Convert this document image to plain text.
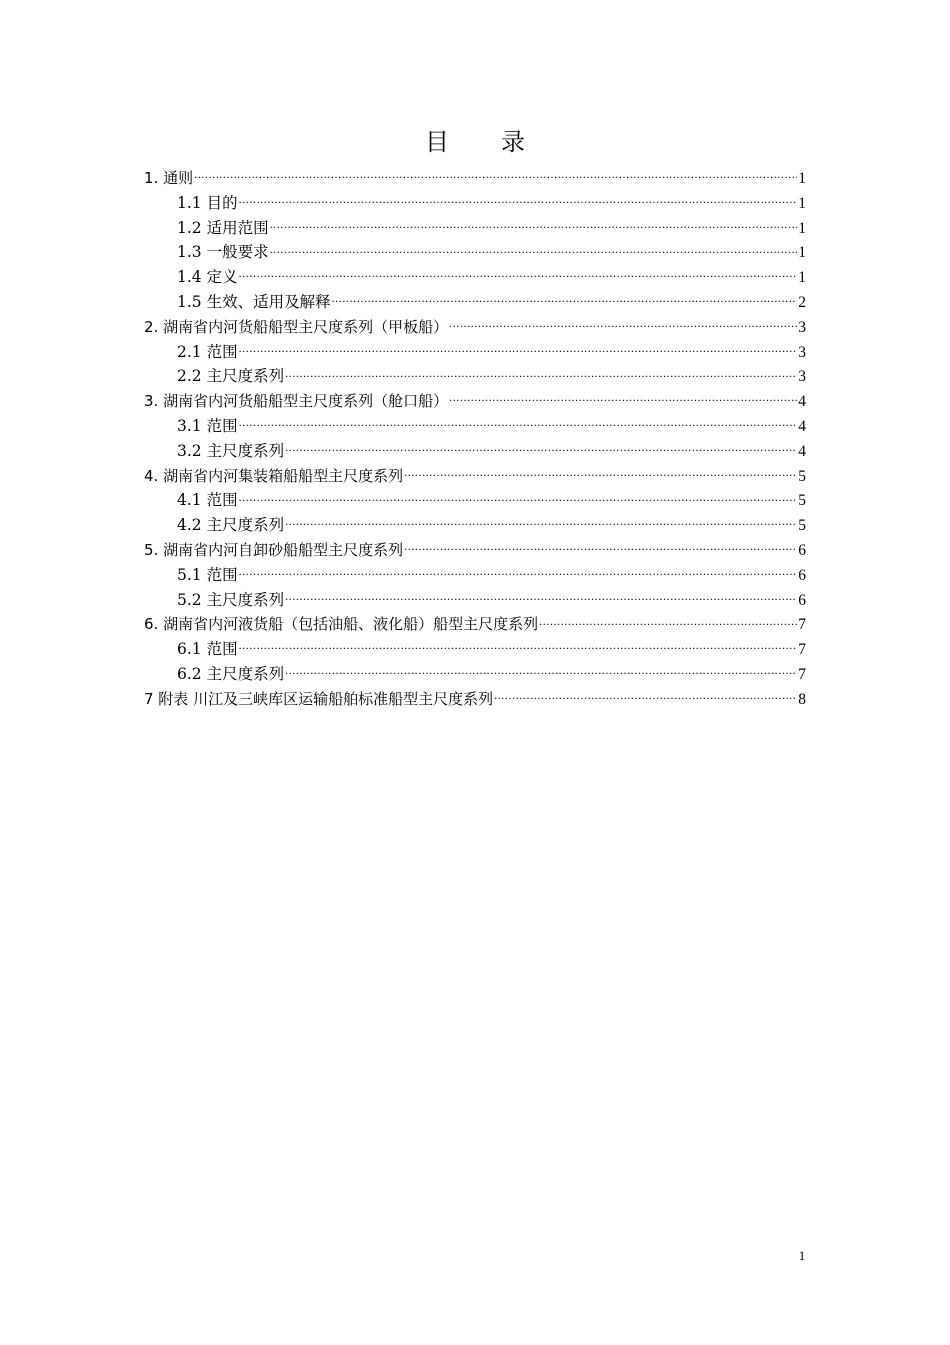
目 录
1. 通则 .....	1
1.1 目的 .....	1
1.2 适用范围 .....	1
1.3 一般要求 .....	1
1.4 定义 .....	1
1.5 生效、适用及解释 .....	2
2. 湖南省内河货船船型主尺度系列（甲板船） .....	3
2.1 范围 .....	3
2.2 主尺度系列 .....	3
3. 湖南省内河货船船型主尺度系列（舱口船） .....	4
3.1 范围 .....	4
3.2 主尺度系列 .....	4
4. 湖南省内河集装箱船船型主尺度系列 .....	5
4.1 范围 .....	5
4.2 主尺度系列 .....	5
5. 湖南省内河自卸砂船船型主尺度系列 .....	6
5.1 范围 .....	6
5.2 主尺度系列 .....	6
6. 湖南省内河液货船（包括油船、液化船）船型主尺度系列 .....	7
6.1 范围 .....	7
6.2 主尺度系列 .....	7
7 附表 川江及三峡库区运输船舶标准船型主尺度系列 .....	8
1
